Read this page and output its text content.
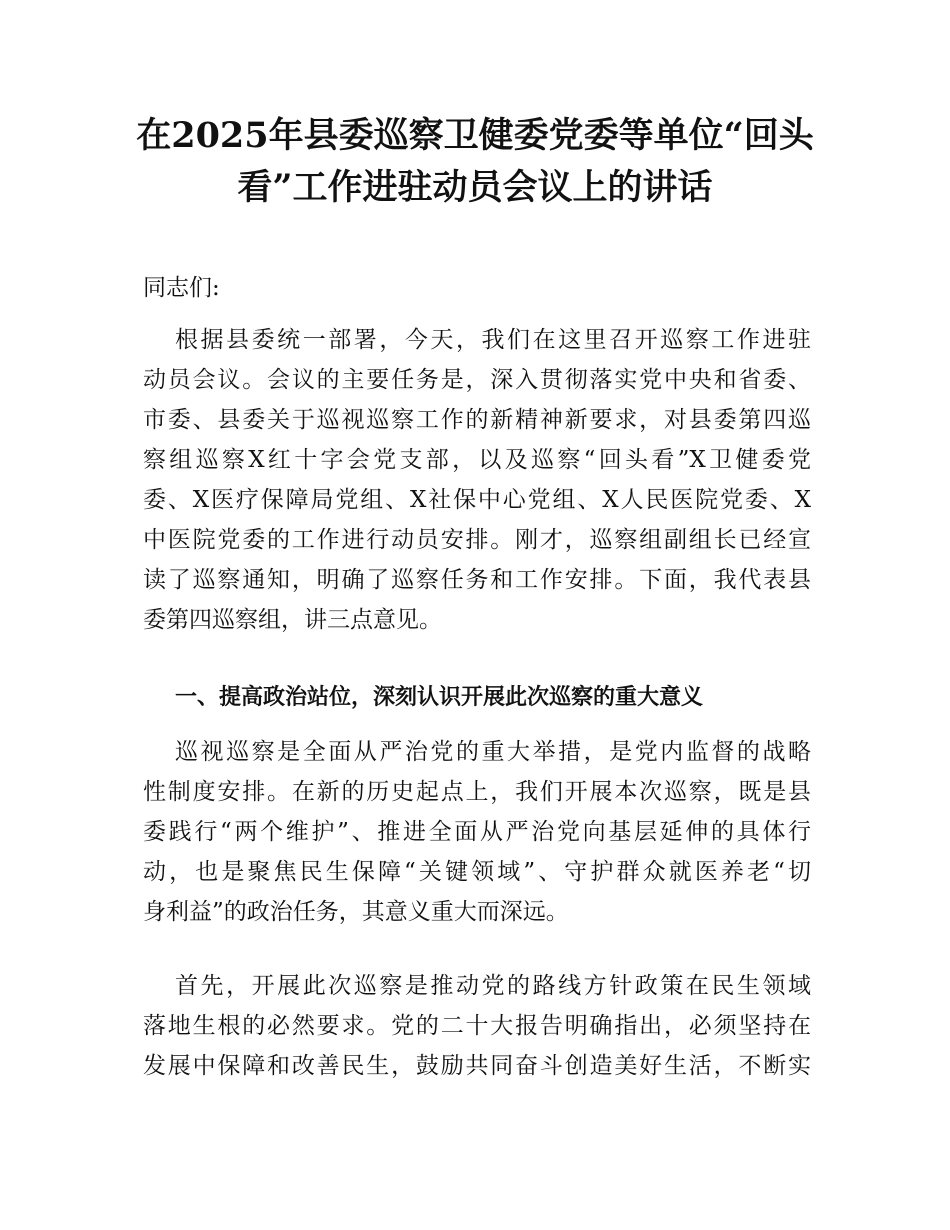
在2025年县委巡察卫健委党委等单位“回头
看”工作进驻动员会议上的讲话
同志们:
根据县委统一部署，今天，我们在这里召开巡察工作进驻
动员会议。会议的主要任务是，深入贯彻落实党中央和省委、
市委、县委关于巡视巡察工作的新精神新要求，对县委第四巡
察组巡察X红十字会党支部，以及巡察“回头看”X卫健委党
委、X医疗保障局党组、X社保中心党组、X人民医院党委、X
中医院党委的工作进行动员安排。刚才，巡察组副组长已经宣
读了巡察通知，明确了巡察任务和工作安排。下面，我代表县
委第四巡察组，讲三点意见。
一、提高政治站位，深刻认识开展此次巡察的重大意义
巡视巡察是全面从严治党的重大举措，是党内监督的战略
性制度安排。在新的历史起点上，我们开展本次巡察，既是县
委践行“两个维护”、推进全面从严治党向基层延伸的具体行
动，也是聚焦民生保障“关键领域”、守护群众就医养老“切
身利益”的政治任务，其意义重大而深远。
首先，开展此次巡察是推动党的路线方针政策在民生领域
落地生根的必然要求。党的二十大报告明确指出，必须坚持在
发展中保障和改善民生，鼓励共同奋斗创造美好生活，不断实
